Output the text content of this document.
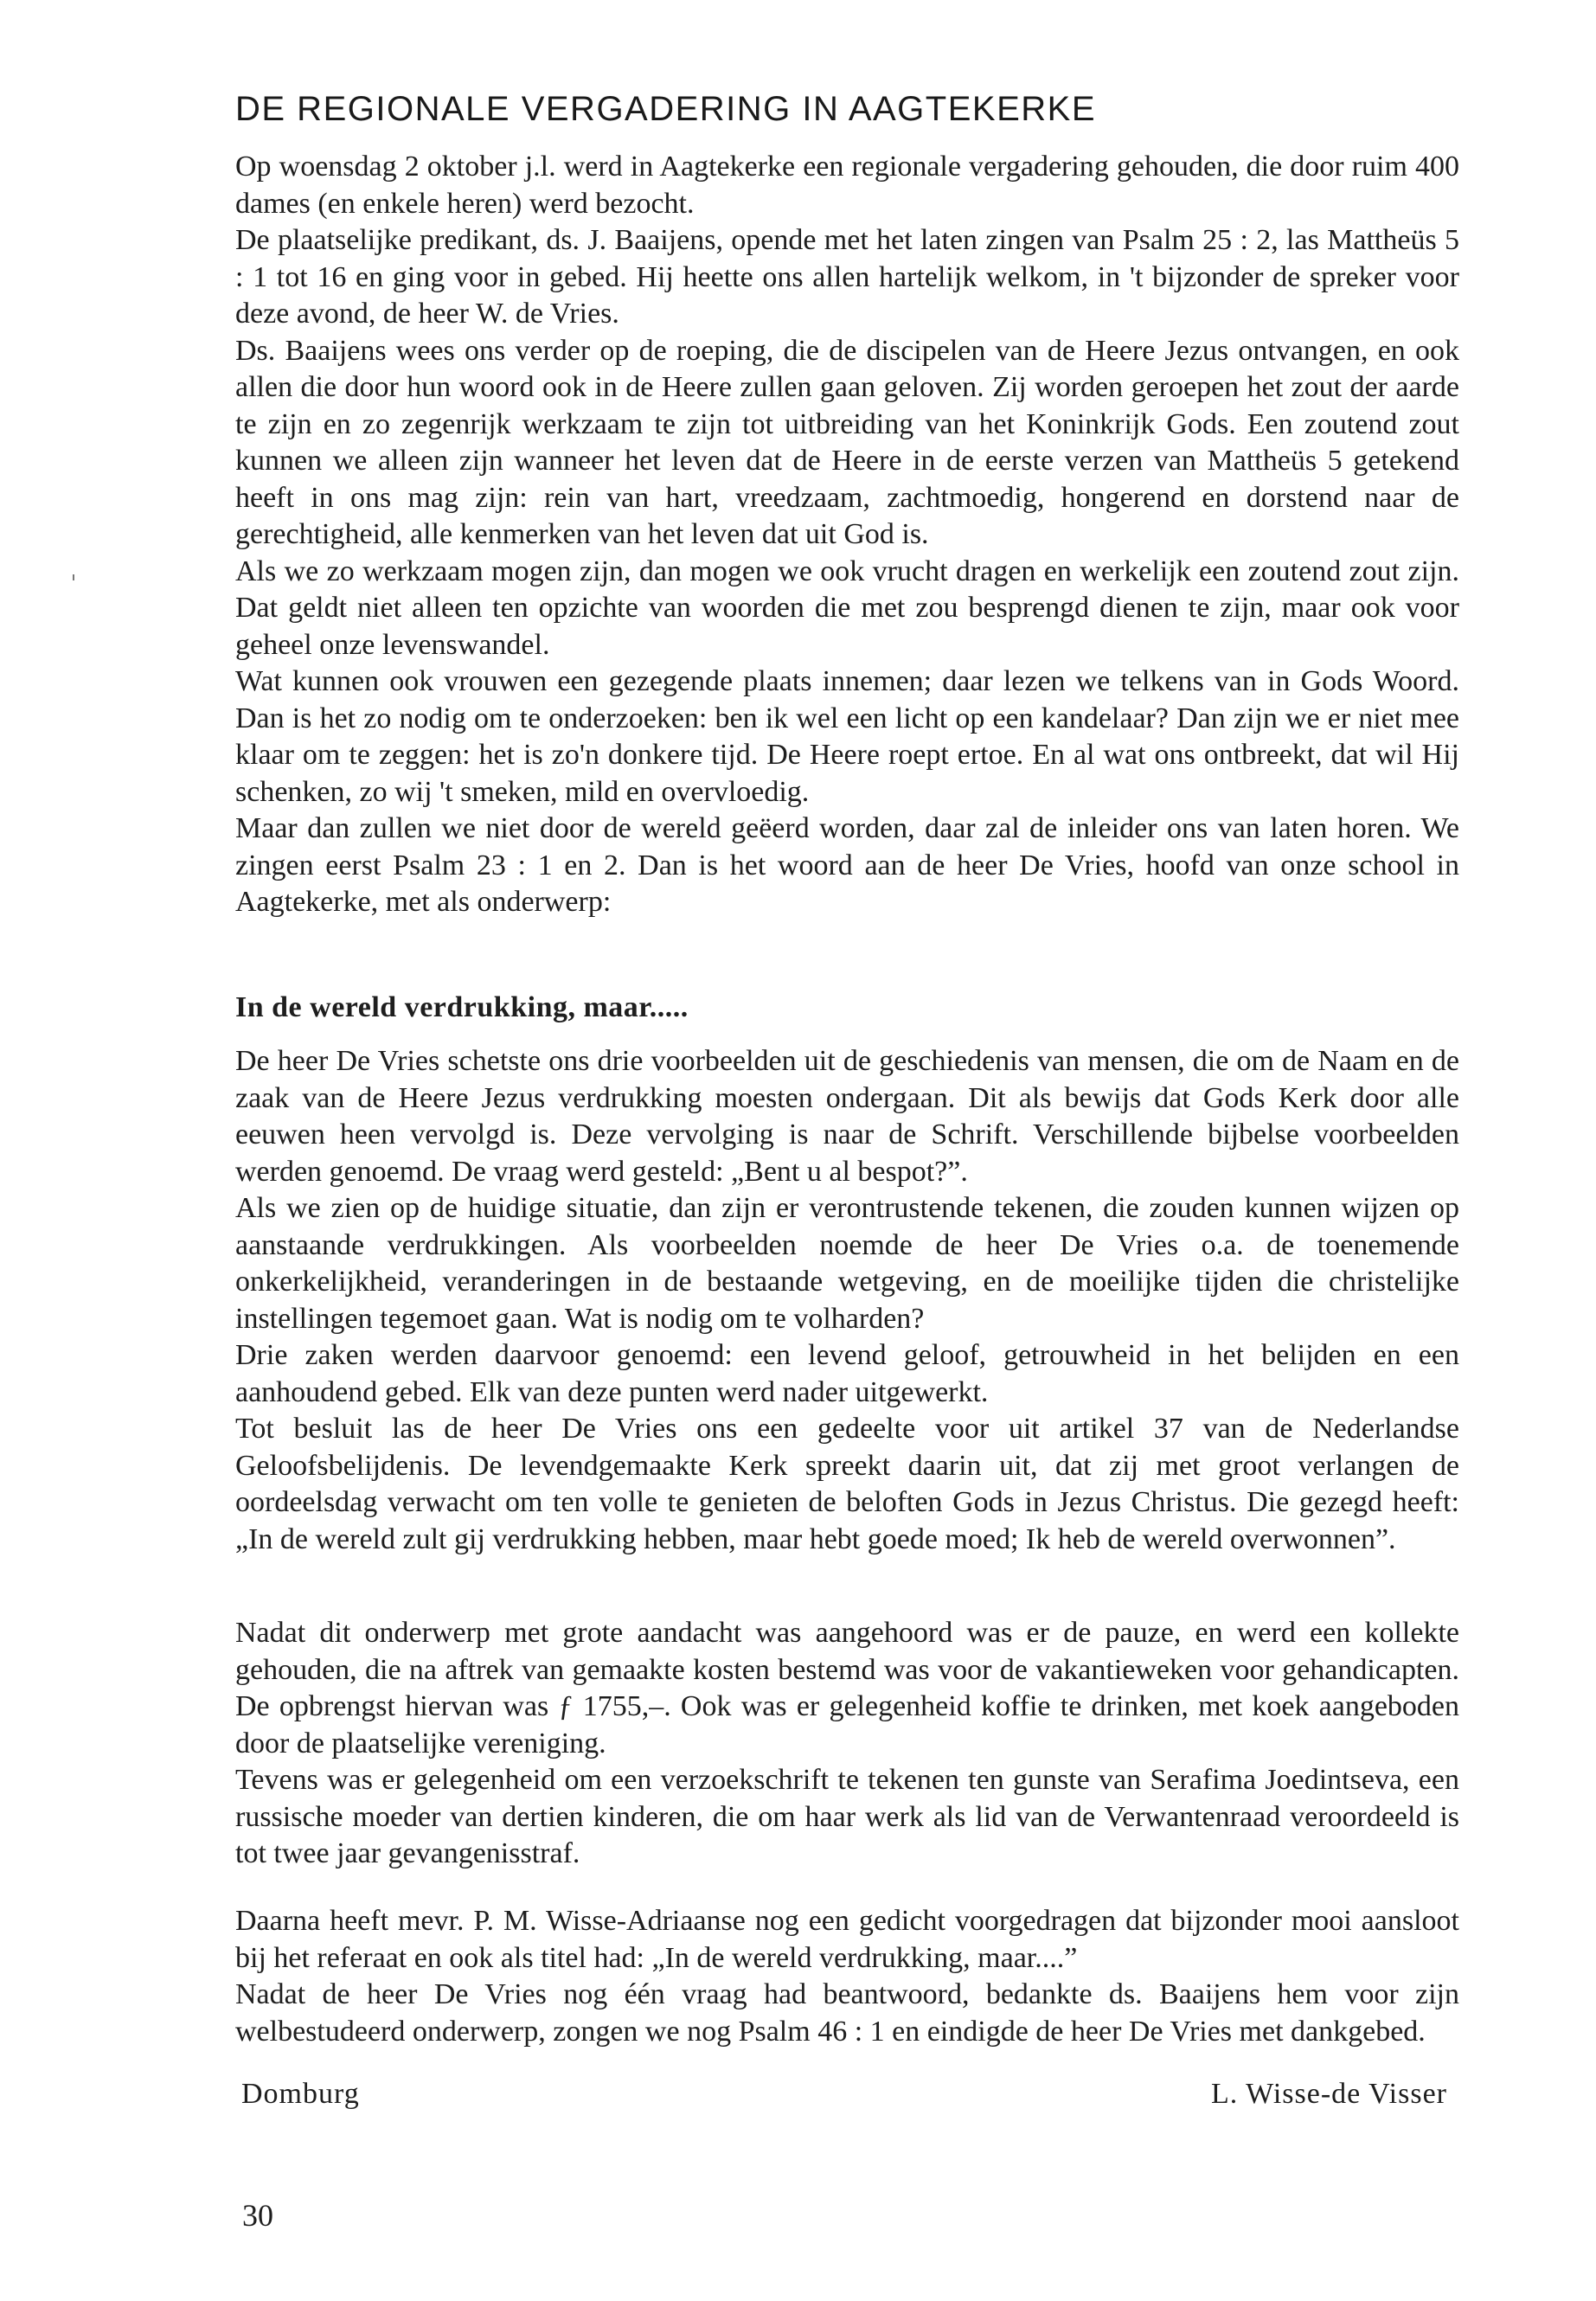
DE REGIONALE VERGADERING IN AAGTEKERKE

Op woensdag 2 oktober j.l. werd in Aagtekerke een regionale vergadering gehouden, die door ruim 400 dames (en enkele heren) werd bezocht.

De plaatselijke predikant, ds. J. Baaijens, opende met het laten zingen van Psalm 25 : 2, las Mattheüs 5 : 1 tot 16 en ging voor in gebed. Hij heette ons allen hartelijk welkom, in 't bijzonder de spreker voor deze avond, de heer W. de Vries.

Ds. Baaijens wees ons verder op de roeping, die de discipelen van de Heere Jezus ontvangen, en ook allen die door hun woord ook in de Heere zullen gaan geloven. Zij worden geroepen het zout der aarde te zijn en zo zegenrijk werkzaam te zijn tot uitbreiding van het Koninkrijk Gods. Een zoutend zout kunnen we alleen zijn wanneer het leven dat de Heere in de eerste verzen van Mattheüs 5 getekend heeft in ons mag zijn: rein van hart, vreedzaam, zachtmoedig, hongerend en dorstend naar de gerechtigheid, alle kenmerken van het leven dat uit God is.

Als we zo werkzaam mogen zijn, dan mogen we ook vrucht dragen en werkelijk een zoutend zout zijn. Dat geldt niet alleen ten opzichte van woorden die met zou besprengd dienen te zijn, maar ook voor geheel onze levenswandel.

Wat kunnen ook vrouwen een gezegende plaats innemen; daar lezen we telkens van in Gods Woord. Dan is het zo nodig om te onderzoeken: ben ik wel een licht op een kandelaar? Dan zijn we er niet mee klaar om te zeggen: het is zo'n donkere tijd. De Heere roept ertoe. En al wat ons ontbreekt, dat wil Hij schenken, zo wij 't smeken, mild en overvloedig.

Maar dan zullen we niet door de wereld geëerd worden, daar zal de inleider ons van laten horen. We zingen eerst Psalm 23 : 1 en 2. Dan is het woord aan de heer De Vries, hoofd van onze school in Aagtekerke, met als onderwerp:

In de wereld verdrukking, maar.....

De heer De Vries schetste ons drie voorbeelden uit de geschiedenis van mensen, die om de Naam en de zaak van de Heere Jezus verdrukking moesten ondergaan. Dit als bewijs dat Gods Kerk door alle eeuwen heen vervolgd is. Deze vervolging is naar de Schrift. Verschillende bijbelse voorbeelden werden genoemd. De vraag werd gesteld: „Bent u al bespot?”.

Als we zien op de huidige situatie, dan zijn er verontrustende tekenen, die zouden kunnen wijzen op aanstaande verdrukkingen. Als voorbeelden noemde de heer De Vries o.a. de toenemende onkerkelijkheid, veranderingen in de bestaande wetgeving, en de moeilijke tijden die christelijke instellingen tegemoet gaan. Wat is nodig om te volharden?

Drie zaken werden daarvoor genoemd: een levend geloof, getrouwheid in het belijden en een aanhoudend gebed. Elk van deze punten werd nader uitgewerkt.

Tot besluit las de heer De Vries ons een gedeelte voor uit artikel 37 van de Nederlandse Geloofsbelijdenis. De levendgemaakte Kerk spreekt daarin uit, dat zij met groot verlangen de oordeelsdag verwacht om ten volle te genieten de beloften Gods in Jezus Christus. Die gezegd heeft: „In de wereld zult gij verdrukking hebben, maar hebt goede moed; Ik heb de wereld overwonnen”.

Nadat dit onderwerp met grote aandacht was aangehoord was er de pauze, en werd een kollekte gehouden, die na aftrek van gemaakte kosten bestemd was voor de vakantieweken voor gehandicapten. De opbrengst hiervan was ƒ 1755,–. Ook was er gelegenheid koffie te drinken, met koek aangeboden door de plaatselijke vereniging.

Tevens was er gelegenheid om een verzoekschrift te tekenen ten gunste van Serafima Joedintseva, een russische moeder van dertien kinderen, die om haar werk als lid van de Verwantenraad veroordeeld is tot twee jaar gevangenisstraf.

Daarna heeft mevr. P. M. Wisse-Adriaanse nog een gedicht voorgedragen dat bijzonder mooi aansloot bij het referaat en ook als titel had: „In de wereld verdrukking, maar....”

Nadat de heer De Vries nog één vraag had beantwoord, bedankte ds. Baaijens hem voor zijn welbestudeerd onderwerp, zongen we nog Psalm 46 : 1 en eindigde de heer De Vries met dankgebed.

Domburg	L. Wisse-de Visser
30
